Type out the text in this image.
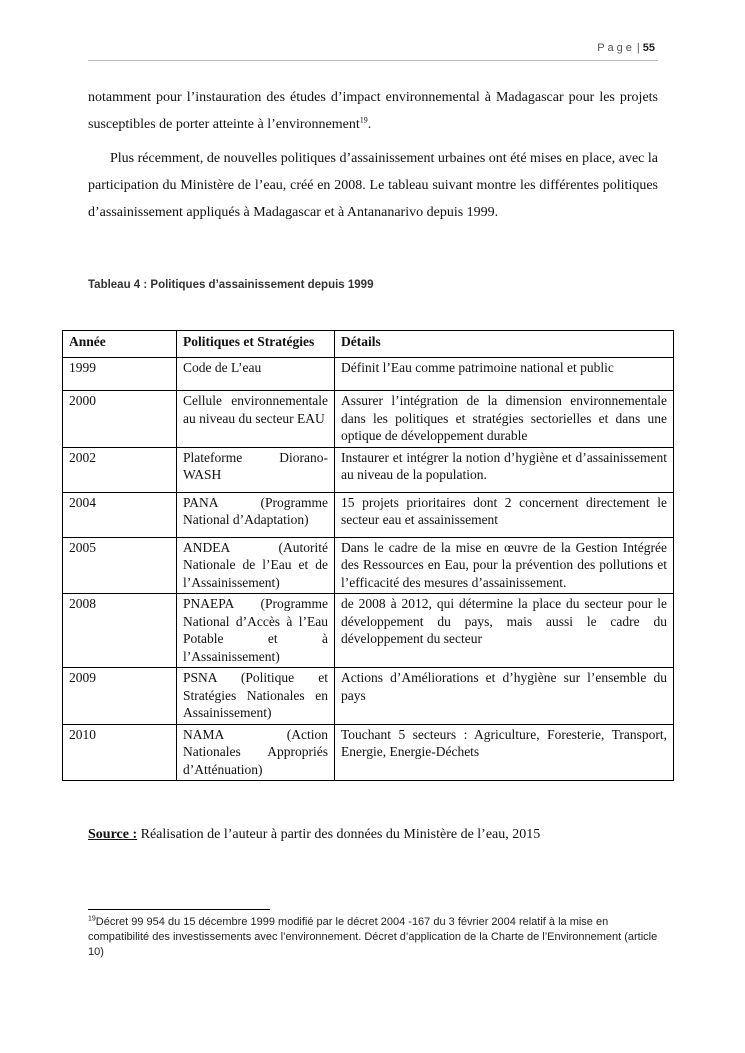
Page | 55
notamment pour l’instauration des études d’impact environnemental à Madagascar pour les projets susceptibles de porter atteinte à l’environnement$^{19}$.
Plus récemment, de nouvelles politiques d’assainissement urbaines ont été mises en place, avec la participation du Ministère de l’eau, créé en 2008. Le tableau suivant montre les différentes politiques d’assainissement appliqués à Madagascar et à Antananarivo depuis 1999.
Tableau 4 : Politiques d’assainissement depuis 1999
Année	Politiques et Stratégies	Détails
1999	Code de L’eau	Définit l’Eau comme patrimoine national et public
2000	Cellule environnementale au niveau du secteur EAU	Assurer l’intégration de la dimension environnementale dans les politiques et stratégies sectorielles et dans une optique de développement durable
2002	Plateforme Diorano-WASH	Instaurer et intégrer la notion d’hygiène et d’assainissement au niveau de la population.
2004	PANA (Programme National d’Adaptation)	15 projets prioritaires dont 2 concernent directement le secteur eau et assainissement
2005	ANDEA (Autorité Nationale de l’Eau et de l’Assainissement)	Dans le cadre de la mise en œuvre de la Gestion Intégrée des Ressources en Eau, pour la prévention des pollutions et l’efficacité des mesures d’assainissement.
2008	PNAEPA (Programme National d’Accès à l’Eau Potable et à l’Assainissement)	de 2008 à 2012, qui détermine la place du secteur pour le développement du pays, mais aussi le cadre du développement du secteur
2009	PSNA (Politique et Stratégies Nationales en Assainissement)	Actions d’Améliorations et d’hygiène sur l’ensemble du pays
2010	NAMA (Action Nationales Appropriés d’Atténuation)	Touchant 5 secteurs : Agriculture, Foresterie, Transport, Energie, Energie-Déchets
Source : Réalisation de l’auteur à partir des données du Ministère de l’eau, 2015
$^{19}$Décret 99 954 du 15 décembre 1999 modifié par le décret 2004 -167 du 3 février 2004 relatif à la mise en compatibilité des investissements avec l’environnement. Décret d’application de la Charte de l’Environnement (article 10)
